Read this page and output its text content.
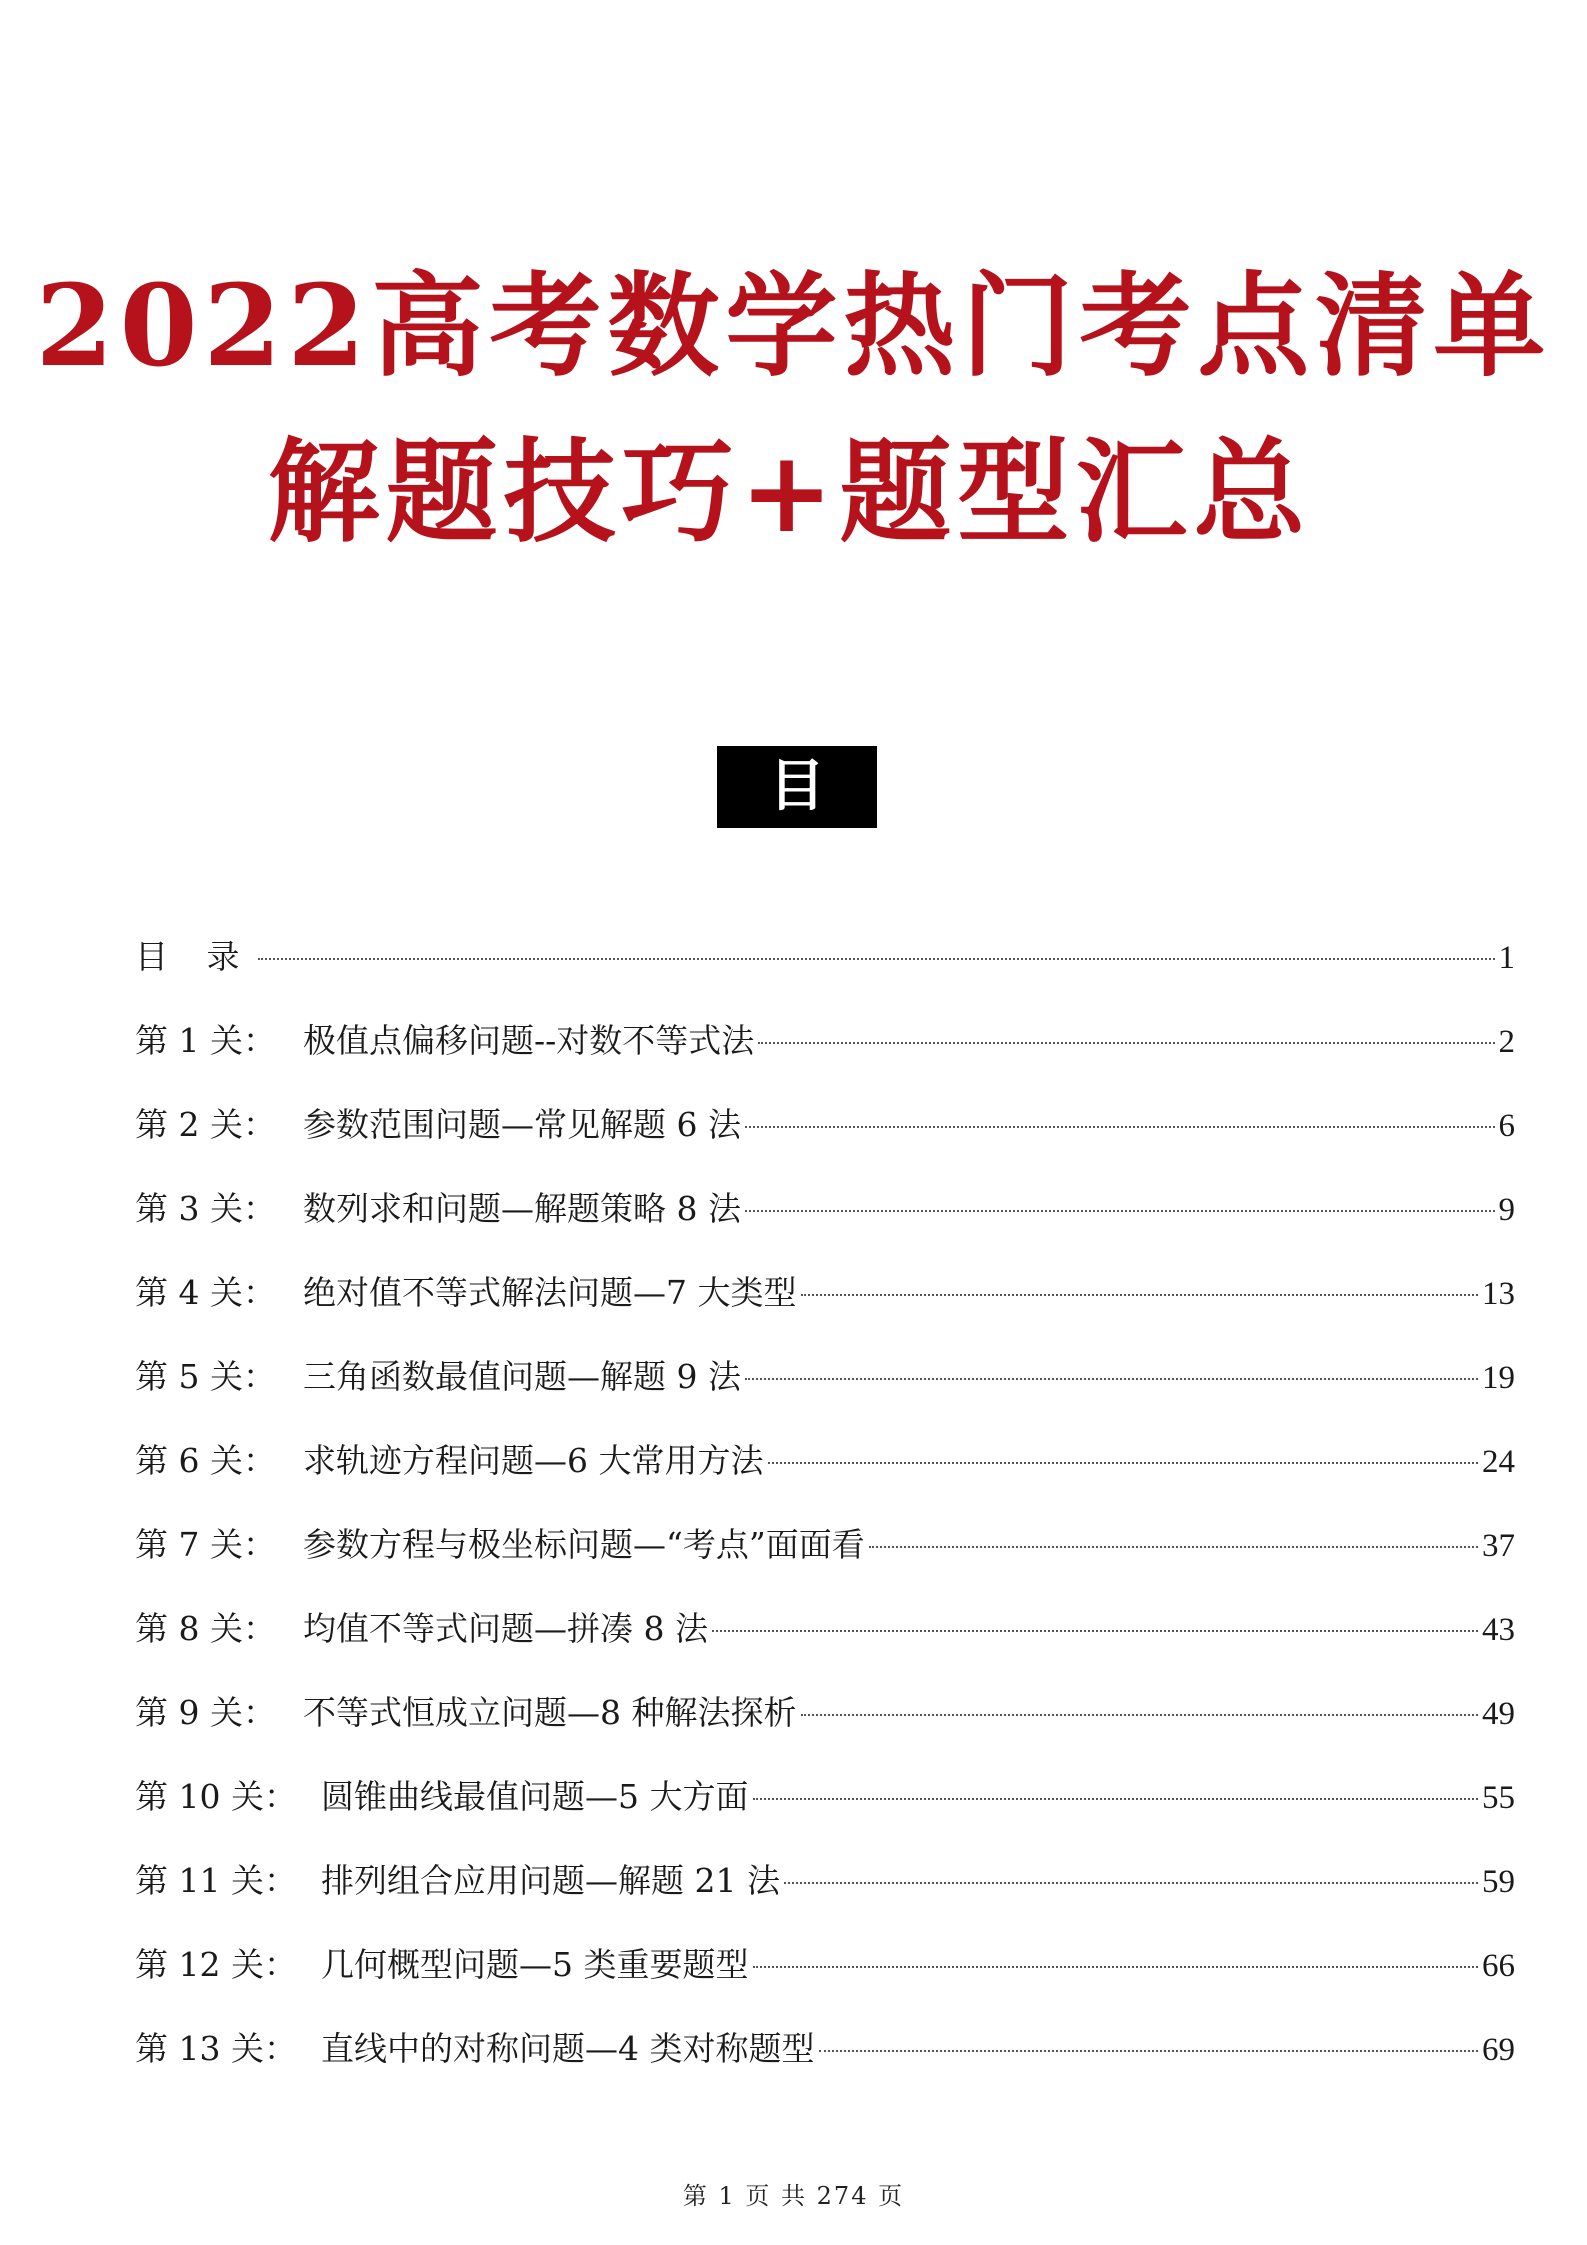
2022高考数学热门考点清单
解题技巧+题型汇总
目 录
目 录	1
第 1 关： 极值点偏移问题--对数不等式法	2
第 2 关： 参数范围问题—常见解题 6 法	6
第 3 关： 数列求和问题—解题策略 8 法	9
第 4 关： 绝对值不等式解法问题—7 大类型	13
第 5 关： 三角函数最值问题—解题 9 法	19
第 6 关： 求轨迹方程问题—6 大常用方法	24
第 7 关： 参数方程与极坐标问题—“考点”面面看	37
第 8 关： 均值不等式问题—拼凑 8 法	43
第 9 关： 不等式恒成立问题—8 种解法探析	49
第 10 关： 圆锥曲线最值问题—5 大方面	55
第 11 关： 排列组合应用问题—解题 21 法	59
第 12 关： 几何概型问题—5 类重要题型	66
第 13 关： 直线中的对称问题—4 类对称题型	69
第 1 页 共 274 页
